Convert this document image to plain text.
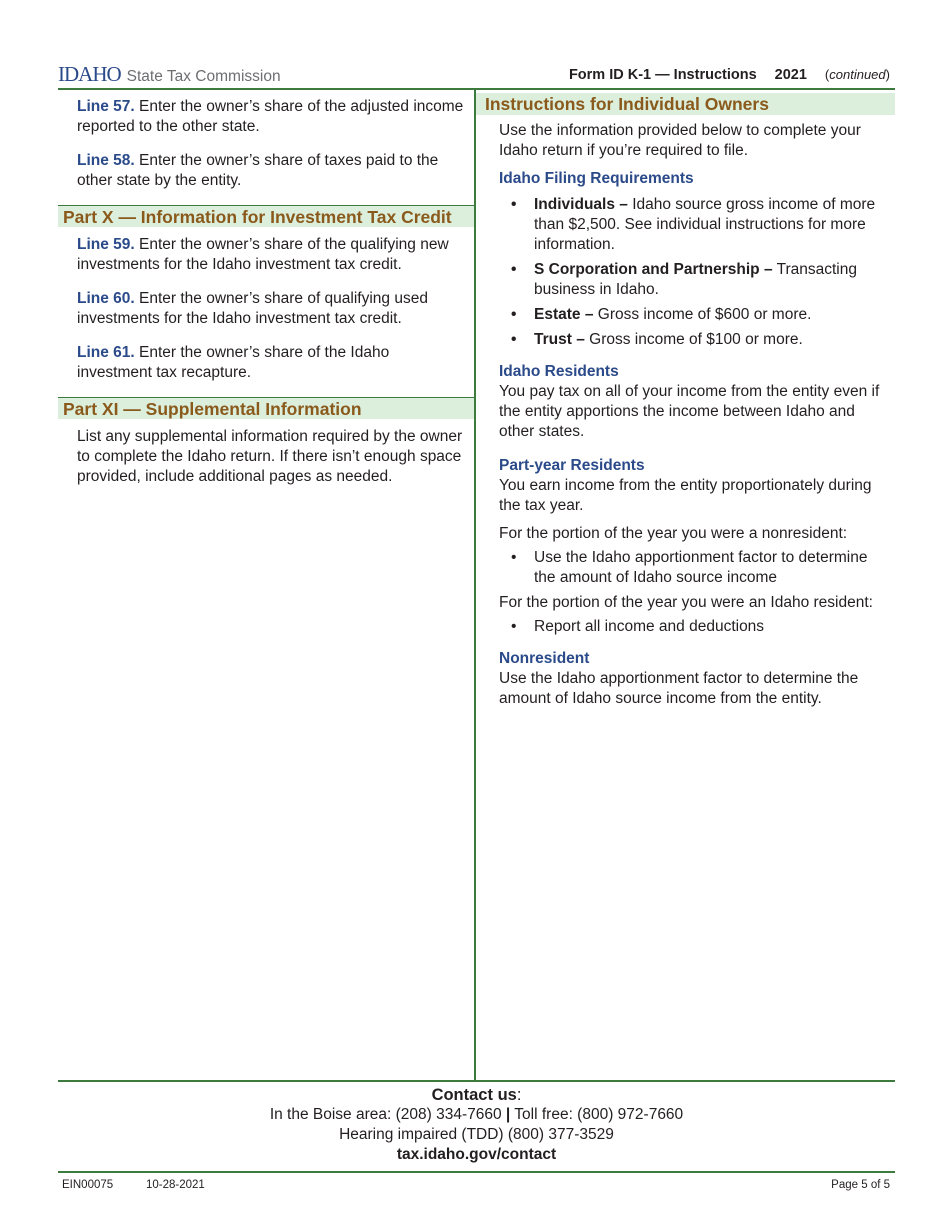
IDAHO State Tax Commission	Form ID K-1 — Instructions 2021 (continued)
Line 57. Enter the owner’s share of the adjusted income reported to the other state.
Line 58. Enter the owner’s share of taxes paid to the other state by the entity.
Part X — Information for Investment Tax Credit
Line 59. Enter the owner’s share of the qualifying new investments for the Idaho investment tax credit.
Line 60. Enter the owner’s share of qualifying used investments for the Idaho investment tax credit.
Line 61. Enter the owner’s share of the Idaho investment tax recapture.
Part XI — Supplemental Information
List any supplemental information required by the owner to complete the Idaho return. If there isn’t enough space provided, include additional pages as needed.
Instructions for Individual Owners

Use the information provided below to complete your Idaho return if you’re required to file.

Idaho Filing Requirements
• Individuals – Idaho source gross income of more than $2,500. See individual instructions for more information.
• S Corporation and Partnership – Transacting business in Idaho.
• Estate – Gross income of $600 or more.
• Trust – Gross income of $100 or more.
Idaho Residents

You pay tax on all of your income from the entity even if the entity apportions the income between Idaho and other states.

Part-year Residents

You earn income from the entity proportionately during the tax year.

For the portion of the year you were a nonresident:

• Use the Idaho apportionment factor to determine the amount of Idaho source income

For the portion of the year you were an Idaho resident:

• Report all income and deductions
Nonresident

Use the Idaho apportionment factor to determine the amount of Idaho source income from the entity.

Contact us:
In the Boise area: (208) 334-7660 | Toll free: (800) 972-7660
Hearing impaired (TDD) (800) 377-3529
tax.idaho.gov/contact
EIN00075	10-28-2021	Page 5 of 5
